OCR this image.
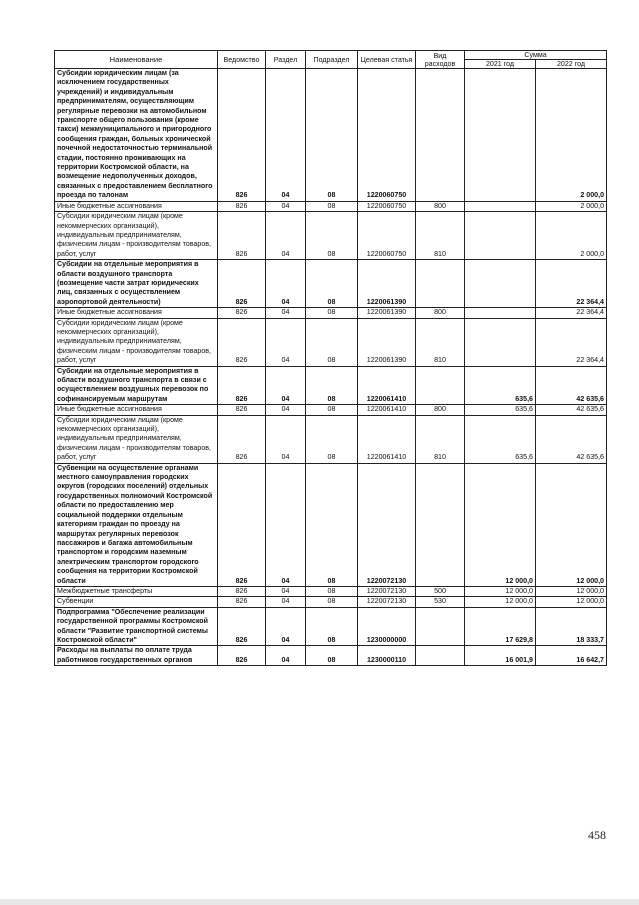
Наименование	Ведомство	Раздел	Подраздел	Целевая статья	Вид расходов	Сумма	
						2021 год	2022 год
Субсидии юридическим лицам (за исключением государственных учреждений) и индивидуальным предпринимателям, осуществляющим регулярные перевозки на автомобильном транспорте общего пользования (кроме такси) межмуниципального и пригородного сообщения граждан, больных хронической почечной недостаточностью терминальной стадии, постоянно проживающих на территории Костромской области, на возмещение недополученных доходов, связанных с предоставлением бесплатного проезда по талонам	826	04	08	1220060750			2 000,0
Иные бюджетные ассигнования	826	04	08	1220060750	800		2 000,0
Субсидии юридическим лицам (кроме некоммерческих организаций), индивидуальным предпринимателям, физическим лицам - производителям товаров, работ, услуг	826	04	08	1220060750	810		2 000,0
Субсидии на отдельные мероприятия в области воздушного транспорта (возмещение части затрат юридических лиц, связанных с осуществлением аэропортовой деятельности)	826	04	08	1220061390			22 364,4
Иные бюджетные ассигнования	826	04	08	1220061390	800		22 364,4
Субсидии юридическим лицам (кроме некоммерческих организаций), индивидуальным предпринимателям, физическим лицам - производителям товаров, работ, услуг	826	04	08	1220061390	810		22 364,4
Субсидии на отдельные мероприятия в области воздушного транспорта в связи с осуществлением воздушных перевозок по софинансируемым маршрутам	826	04	08	1220061410		635,6	42 635,6
Иные бюджетные ассигнования	826	04	08	1220061410	800	635,6	42 635,6
Субсидии юридическим лицам (кроме некоммерческих организаций), индивидуальным предпринимателям, физическим лицам - производителям товаров, работ, услуг	826	04	08	1220061410	810	635,6	42 635,6
Субвенции на осуществление органами местного самоуправления городских округов (городских поселений) отдельных государственных полномочий Костромской области по предоставлению мер социальной поддержки отдельным категориям граждан по проезду на маршрутах регулярных перевозок пассажиров и багажа автомобильным транспортом и городским наземным электрическим транспортом городского сообщения на территории Костромской области	826	04	08	1220072130		12 000,0	12 000,0
Межбюджетные трансферты	826	04	08	1220072130	500	12 000,0	12 000,0
Субвенции	826	04	08	1220072130	530	12 000,0	12 000,0
Подпрограмма "Обеспечение реализации государственной программы Костромской области "Развитие транспортной системы Костромской области"	826	04	08	1230000000		17 629,8	18 333,7
Расходы на выплаты по оплате труда работников государственных органов	826	04	08	1230000110		16 001,9	16 642,7
458
